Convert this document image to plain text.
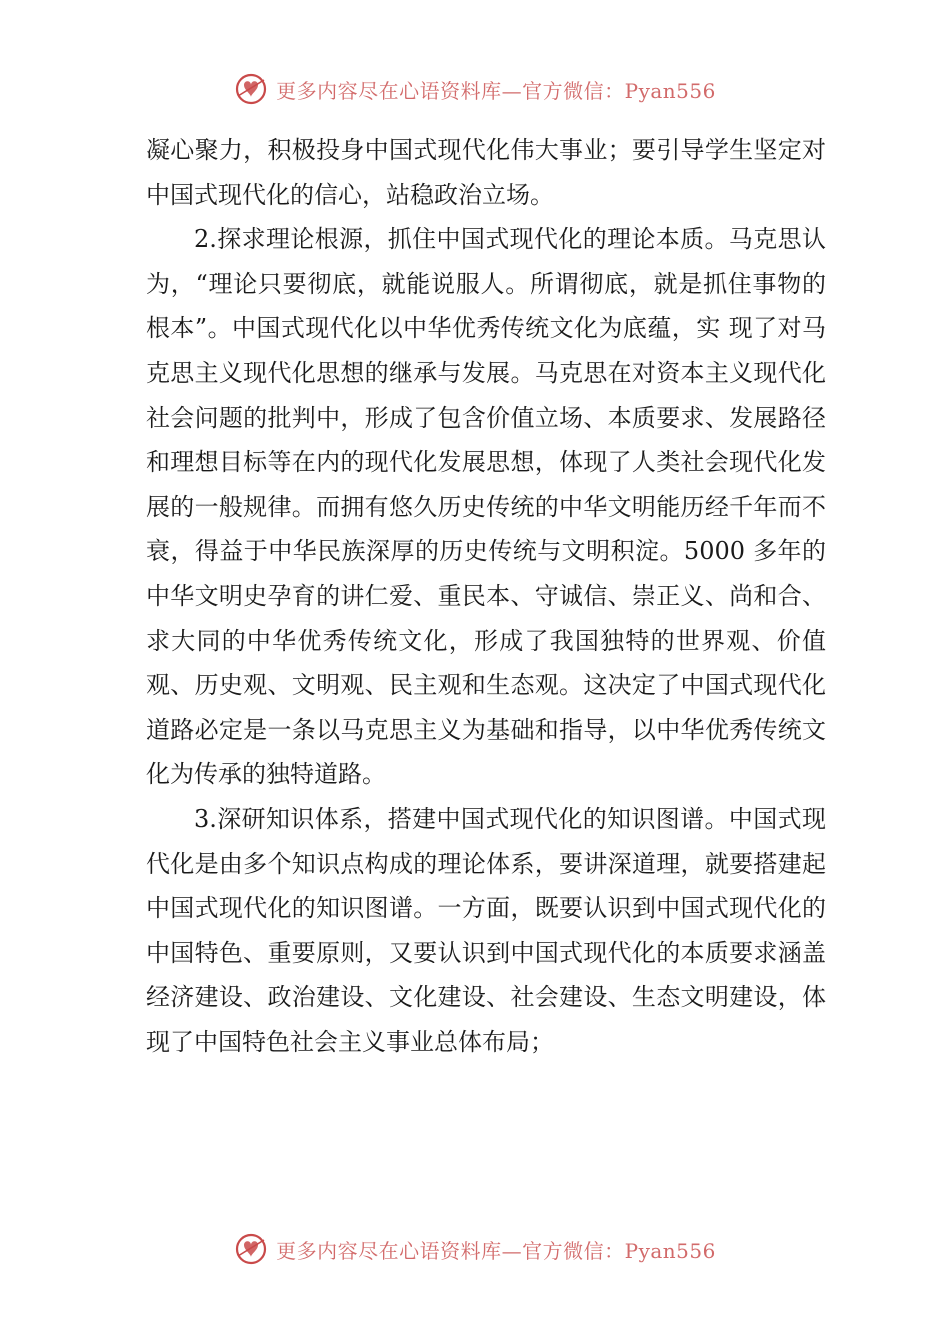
更多内容尽在心语资料库—官方微信：Pyan556

凝心聚力，积极投身中国式现代化伟大事业；要引导学生坚定对中国式现代化的信心，站稳政治立场。

2.探求理论根源，抓住中国式现代化的理论本质。马克思认为，“理论只要彻底，就能说服人。所谓彻底，就是抓住事物的根本”。中国式现代化以中华优秀传统文化为底蕴，实 现了对马克思主义现代化思想的继承与发展。马克思在对资本主义现代化社会问题的批判中，形成了包含价值立场、本质要求、发展路径和理想目标等在内的现代化发展思想，体现了人类社会现代化发展的一般规律。而拥有悠久历史传统的中华文明能历经千年而不衰，得益于中华民族深厚的历史传统与文明积淀。5000 多年的中华文明史孕育的讲仁爱、重民本、守诚信、崇正义、尚和合、求大同的中华优秀传统文化，形成了我国独特的世界观、价值观、历史观、文明观、民主观和生态观。这决定了中国式现代化道路必定是一条以马克思主义为基础和指导，以中华优秀传统文化为传承的独特道路。

3.深研知识体系，搭建中国式现代化的知识图谱。中国式现代化是由多个知识点构成的理论体系，要讲深道理，就要搭建起中国式现代化的知识图谱。一方面，既要认识到中国式现代化的中国特色、重要原则，又要认识到中国式现代化的本质要求涵盖经济建设、政治建设、文化建设、社会建设、生态文明建设，体现了中国特色社会主义事业总体布局；

更多内容尽在心语资料库—官方微信：Pyan556
